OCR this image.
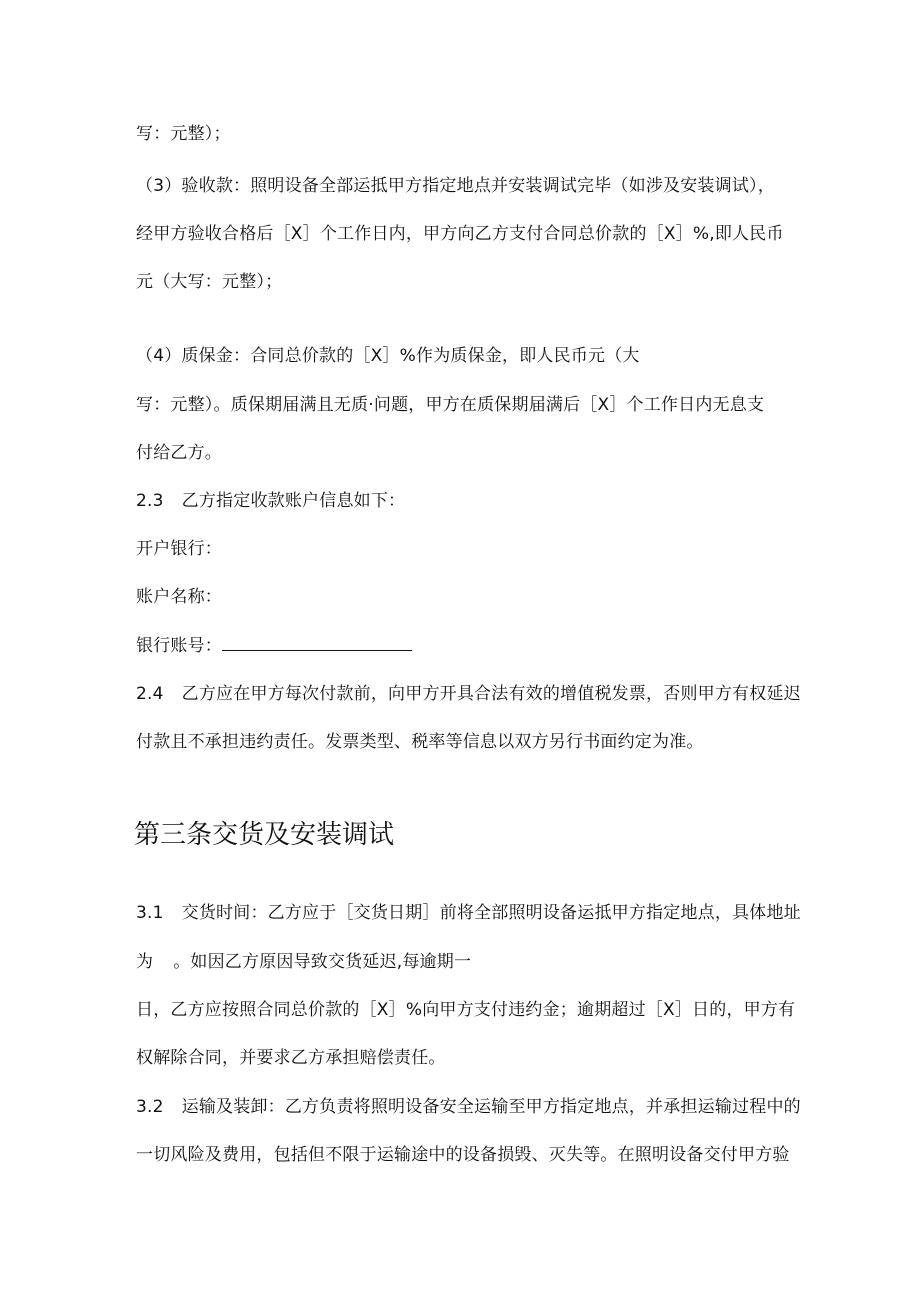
写：元整）；
（3）验收款：照明设备全部运抵甲方指定地点并安装调试完毕（如涉及安装调试），
经甲方验收合格后［X］个工作日内，甲方向乙方支付合同总价款的［X］%,即人民币
元（大写：元整）；
（4）质保金：合同总价款的［X］%作为质保金，即人民币元（大
写：元整）。质保期届满且无质·问题，甲方在质保期届满后［X］个工作日内无息支
付给乙方。
2.3 乙方指定收款账户信息如下：
开户银行：
账户名称：
银行账号：
2.4 乙方应在甲方每次付款前，向甲方开具合法有效的增值税发票，否则甲方有权延迟
付款且不承担违约责任。发票类型、税率等信息以双方另行书面约定为准。
第三条交货及安装调试
3.1 交货时间：乙方应于［交货日期］前将全部照明设备运抵甲方指定地点，具体地址
为 。如因乙方原因导致交货延迟,每逾期一
日，乙方应按照合同总价款的［X］%向甲方支付违约金；逾期超过［X］日的，甲方有
权解除合同，并要求乙方承担赔偿责任。
3.2 运输及装卸：乙方负责将照明设备安全运输至甲方指定地点，并承担运输过程中的
一切风险及费用，包括但不限于运输途中的设备损毁、灭失等。在照明设备交付甲方验
